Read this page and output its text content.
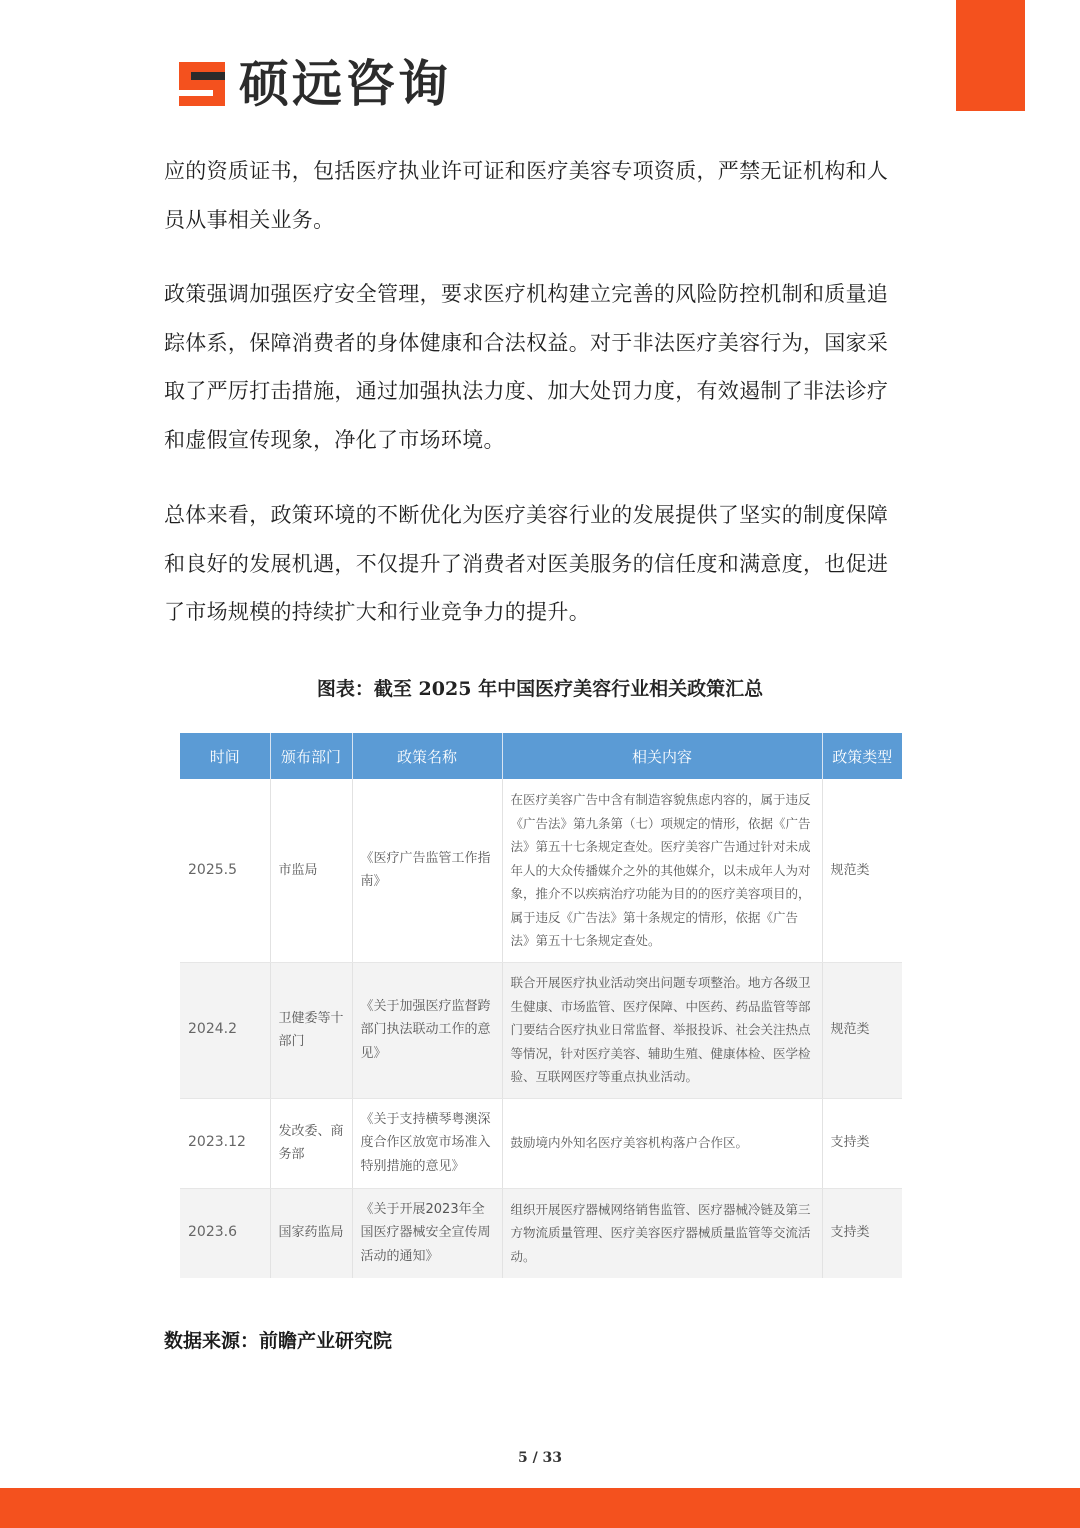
硕远咨询

应的资质证书，包括医疗执业许可证和医疗美容专项资质，严禁无证机构和人员从事相关业务。

政策强调加强医疗安全管理，要求医疗机构建立完善的风险防控机制和质量追踪体系，保障消费者的身体健康和合法权益。对于非法医疗美容行为，国家采取了严厉打击措施，通过加强执法力度、加大处罚力度，有效遏制了非法诊疗和虚假宣传现象，净化了市场环境。

总体来看，政策环境的不断优化为医疗美容行业的发展提供了坚实的制度保障和良好的发展机遇，不仅提升了消费者对医美服务的信任度和满意度，也促进了市场规模的持续扩大和行业竞争力的提升。

图表：截至 2025 年中国医疗美容行业相关政策汇总
时间	颁布部门	政策名称	相关内容	政策类型
2025.5	市监局	《医疗广告监管工作指南》	在医疗美容广告中含有制造容貌焦虑内容的，属于违反《广告法》第九条第（七）项规定的情形，依据《广告法》第五十七条规定查处。医疗美容广告通过针对未成年人的大众传播媒介之外的其他媒介，以未成年人为对象，推介不以疾病治疗功能为目的的医疗美容项目的，属于违反《广告法》第十条规定的情形，依据《广告法》第五十七条规定查处。	规范类
2024.2	卫健委等十部门	《关于加强医疗监督跨部门执法联动工作的意见》	联合开展医疗执业活动突出问题专项整治。地方各级卫生健康、市场监管、医疗保障、中医药、药品监管等部门要结合医疗执业日常监督、举报投诉、社会关注热点等情况，针对医疗美容、辅助生殖、健康体检、医学检验、互联网医疗等重点执业活动。	规范类
2023.12	发改委、商务部	《关于支持横琴粤澳深度合作区放宽市场准入特别措施的意见》	鼓励境内外知名医疗美容机构落户合作区。	支持类
2023.6	国家药监局	《关于开展2023年全国医疗器械安全宣传周活动的通知》	组织开展医疗器械网络销售监管、医疗器械冷链及第三方物流质量管理、医疗美容医疗器械质量监管等交流活动。	支持类
数据来源：前瞻产业研究院
5 / 33
